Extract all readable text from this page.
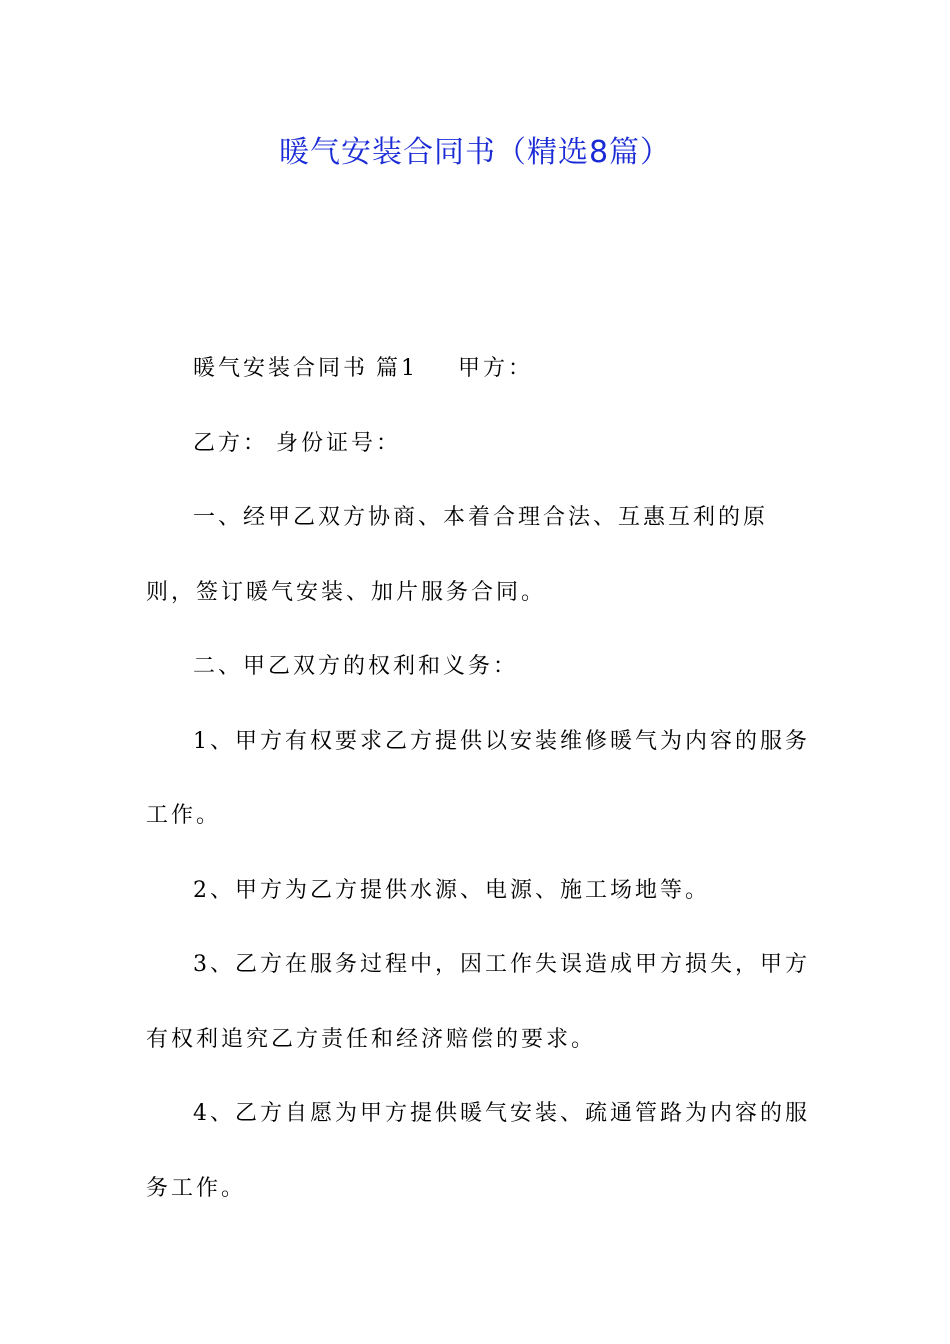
暖气安装合同书（精选8篇）

暖气安装合同书 篇1 甲方：

乙方： 身份证号：

一、经甲乙双方协商、本着合理合法、互惠互利的原则，签订暖气安装、加片服务合同。

二、甲乙双方的权利和义务：

1、甲方有权要求乙方提供以安装维修暖气为内容的服务工作。

2、甲方为乙方提供水源、电源、施工场地等。

3、乙方在服务过程中，因工作失误造成甲方损失，甲方有权利追究乙方责任和经济赔偿的要求。

4、乙方自愿为甲方提供暖气安装、疏通管路为内容的服务工作。
